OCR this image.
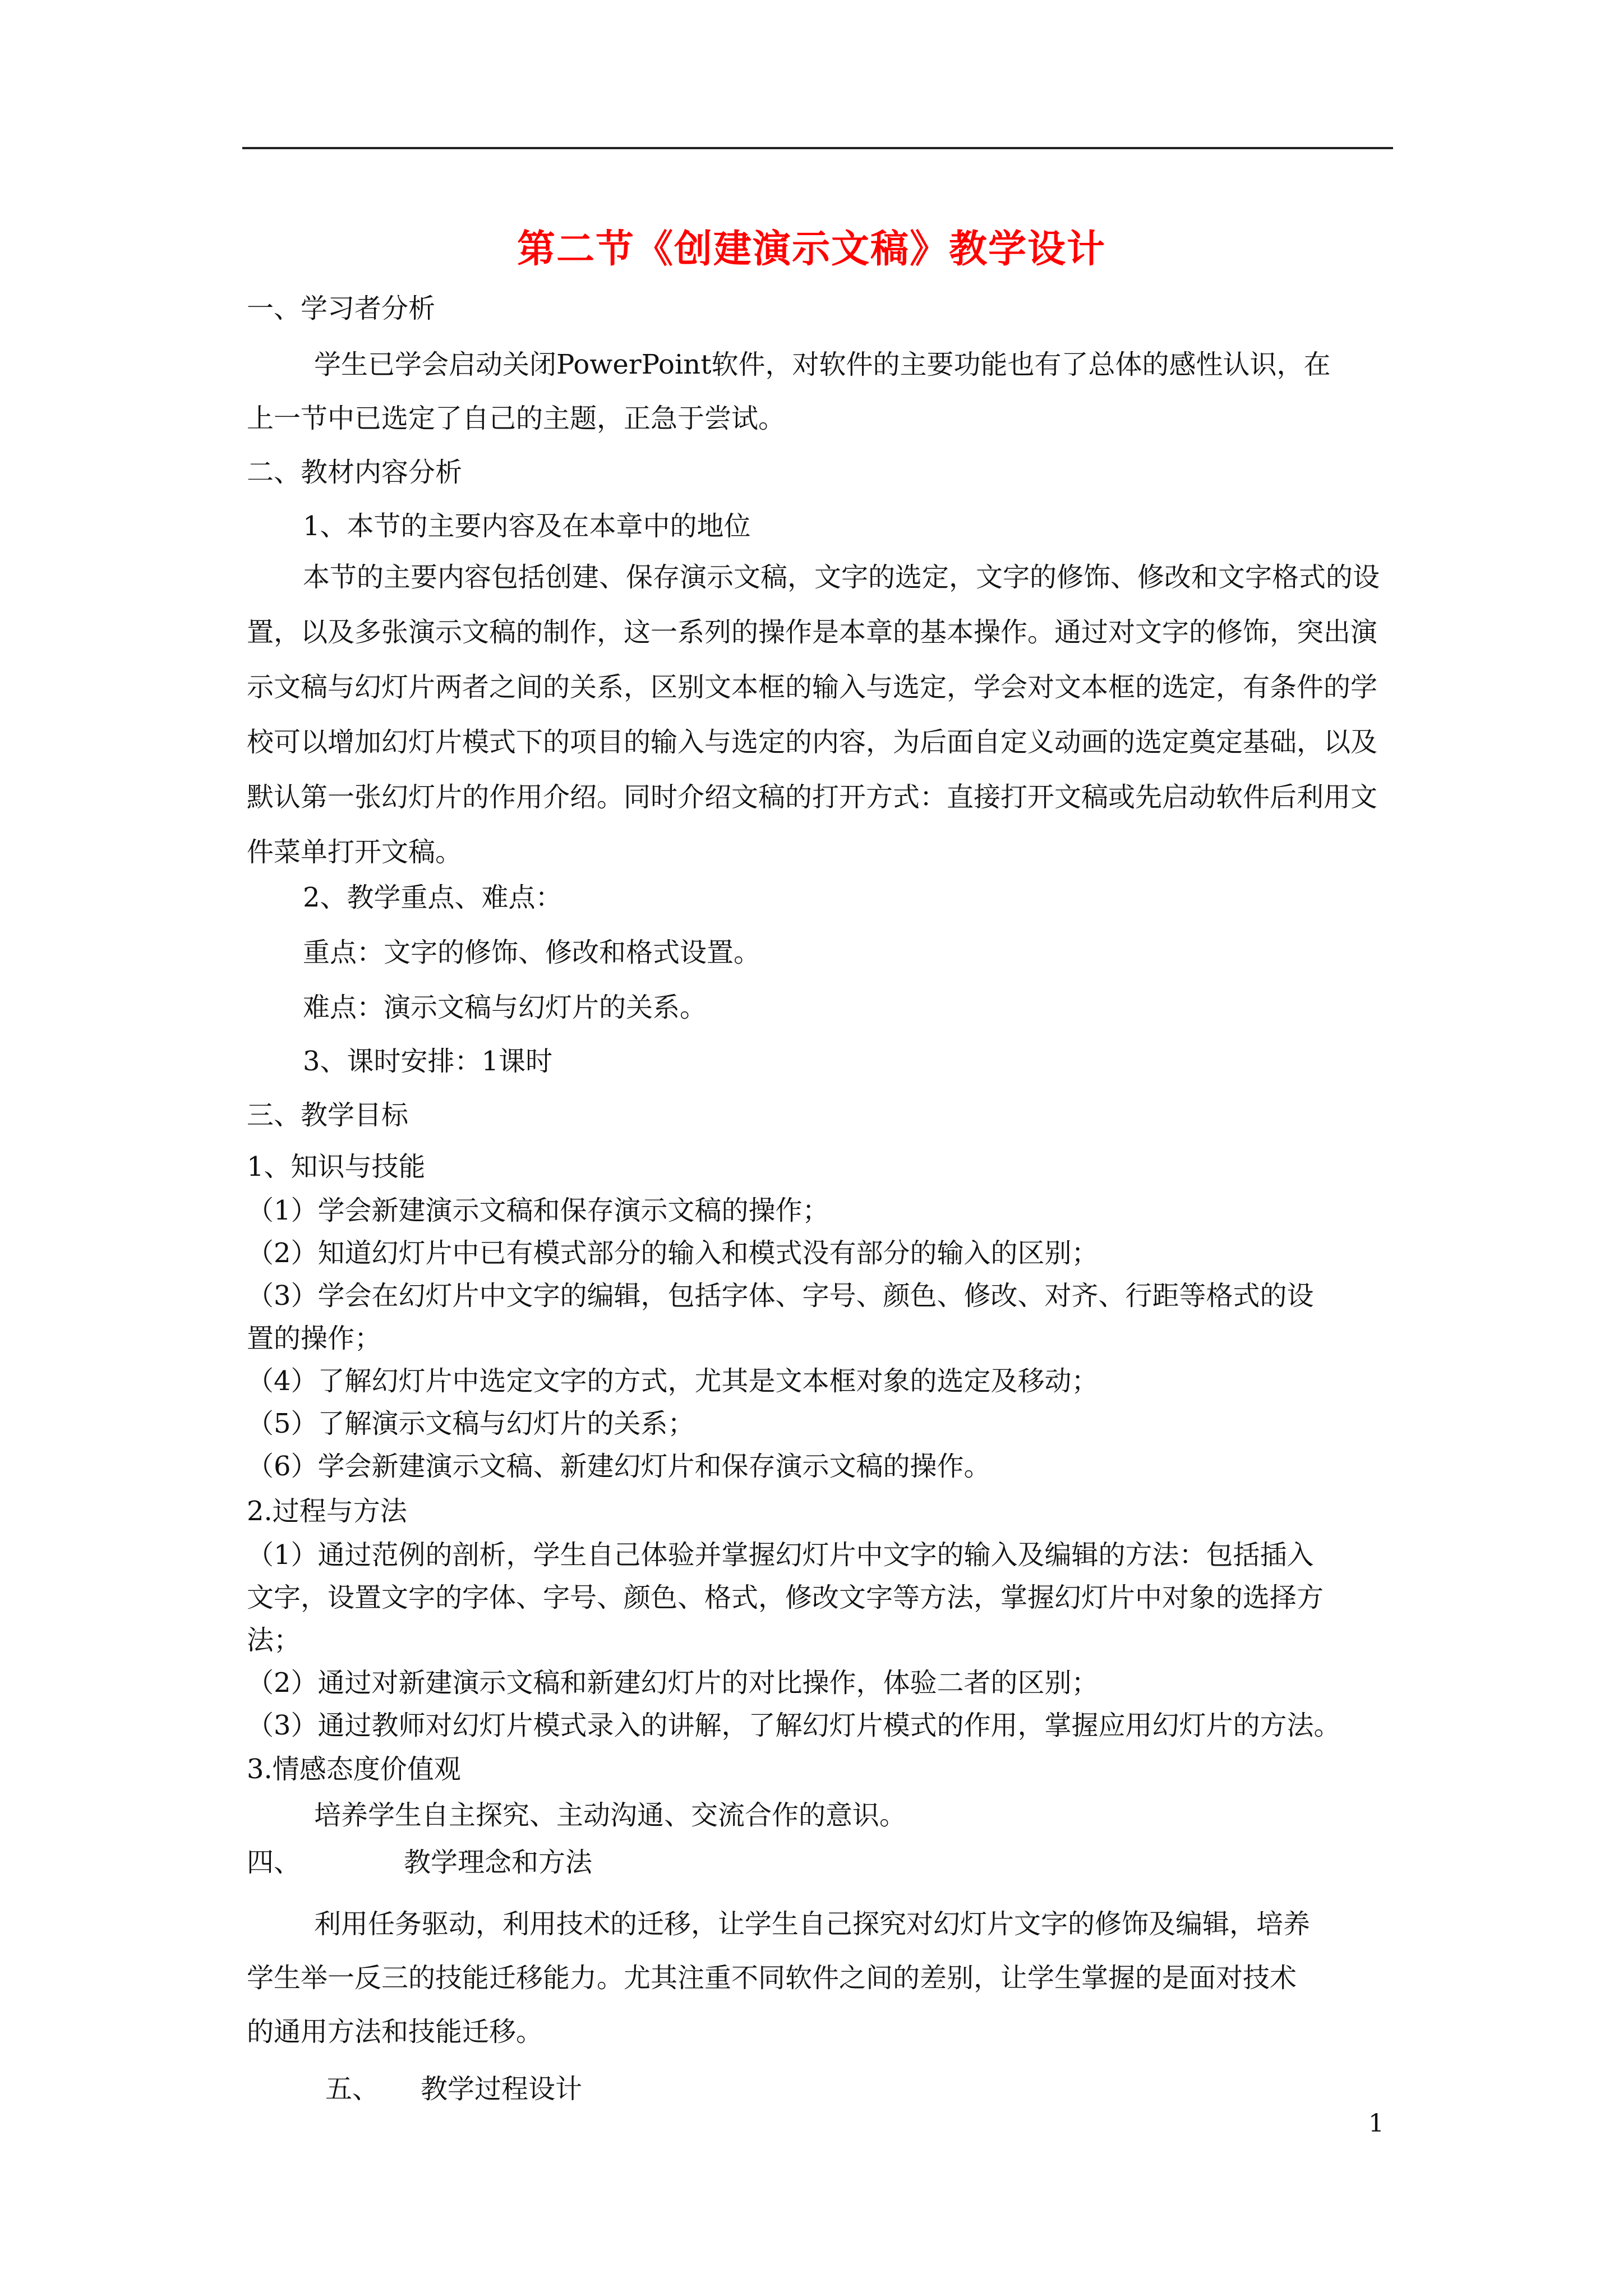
第二节《创建演示文稿》教学设计
一、学习者分析
学生已学会启动关闭PowerPoint软件，对软件的主要功能也有了总体的感性认识，在
上一节中已选定了自己的主题，正急于尝试。
二、教材内容分析
1、本节的主要内容及在本章中的地位
本节的主要内容包括创建、保存演示文稿，文字的选定，文字的修饰、修改和文字格式的设置，以及多张演示文稿的制作，这一系列的操作是本章的基本操作。通过对文字的修饰，突出演示文稿与幻灯片两者之间的关系，区别文本框的输入与选定，学会对文本框的选定，有条件的学校可以增加幻灯片模式下的项目的输入与选定的内容，为后面自定义动画的选定奠定基础，以及默认第一张幻灯片的作用介绍。同时介绍文稿的打开方式：直接打开文稿或先启动软件后利用文件菜单打开文稿。
2、教学重点、难点：
重点：文字的修饰、修改和格式设置。
难点：演示文稿与幻灯片的关系。
3、课时安排：1课时
三、教学目标
1、知识与技能
（1）学会新建演示文稿和保存演示文稿的操作；
（2）知道幻灯片中已有模式部分的输入和模式没有部分的输入的区别；
（3）学会在幻灯片中文字的编辑，包括字体、字号、颜色、修改、对齐、行距等格式的设
置的操作；
（4）了解幻灯片中选定文字的方式，尤其是文本框对象的选定及移动；
（5）了解演示文稿与幻灯片的关系；
（6）学会新建演示文稿、新建幻灯片和保存演示文稿的操作。
2.过程与方法
（1）通过范例的剖析，学生自己体验并掌握幻灯片中文字的输入及编辑的方法：包括插入
文字，设置文字的字体、字号、颜色、格式，修改文字等方法，掌握幻灯片中对象的选择方
法；
（2）通过对新建演示文稿和新建幻灯片的对比操作，体验二者的区别；
（3）通过教师对幻灯片模式录入的讲解，了解幻灯片模式的作用，掌握应用幻灯片的方法。
3.情感态度价值观
培养学生自主探究、主动沟通、交流合作的意识。
四、	教学理念和方法
利用任务驱动，利用技术的迁移，让学生自己探究对幻灯片文字的修饰及编辑，培养
学生举一反三的技能迁移能力。尤其注重不同软件之间的差别，让学生掌握的是面对技术
的通用方法和技能迁移。
五、 教学过程设计
1
